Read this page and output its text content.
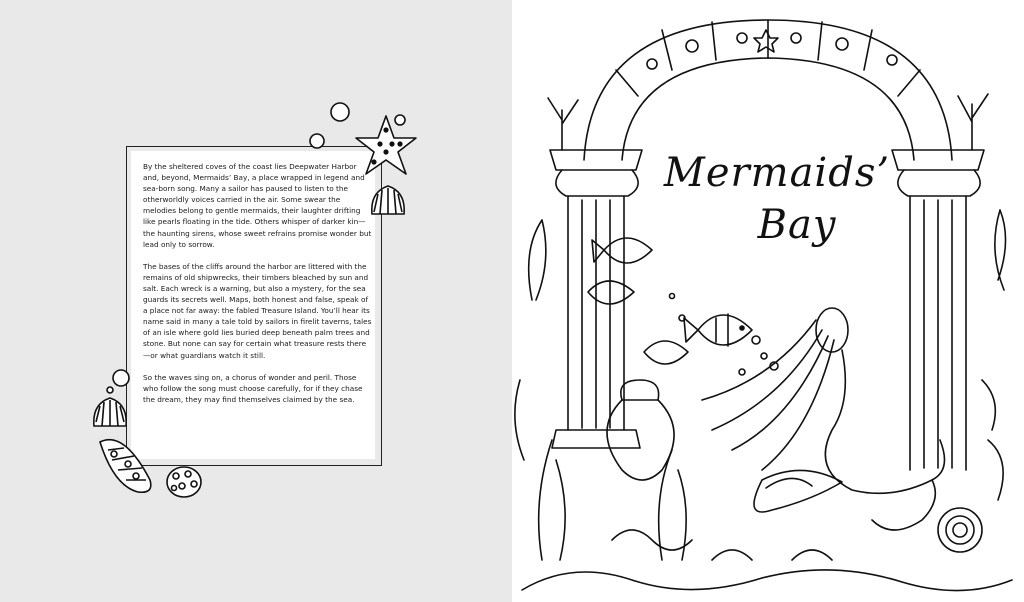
By the sheltered coves of the coast lies Deepwater Harbor and, beyond, Mermaids’ Bay, a place wrapped in legend and sea-born song. Many a sailor has paused to listen to the otherworldly voices carried in the air. Some swear the melodies belong to gentle mermaids, their laughter drifting like pearls floating in the tide. Others whisper of darker kin—the haunting sirens, whose sweet refrains promise wonder but lead only to sorrow.

The bases of the cliffs around the harbor are littered with the remains of old shipwrecks, their timbers bleached by sun and salt. Each wreck is a warning, but also a mystery, for the sea guards its secrets well. Maps, both honest and false, speak of a place not far away: the fabled Treasure Island. You’ll hear its name said in many a tale told by sailors in firelit taverns, tales of an isle where gold lies buried deep beneath palm trees and stone. But none can say for certain what treasure rests there—or what guardians watch it still.

So the waves sing on, a chorus of wonder and peril. Those who follow the song must choose carefully, for if they chase the dream, they may find themselves claimed by the sea.

Mermaids’
Bay
